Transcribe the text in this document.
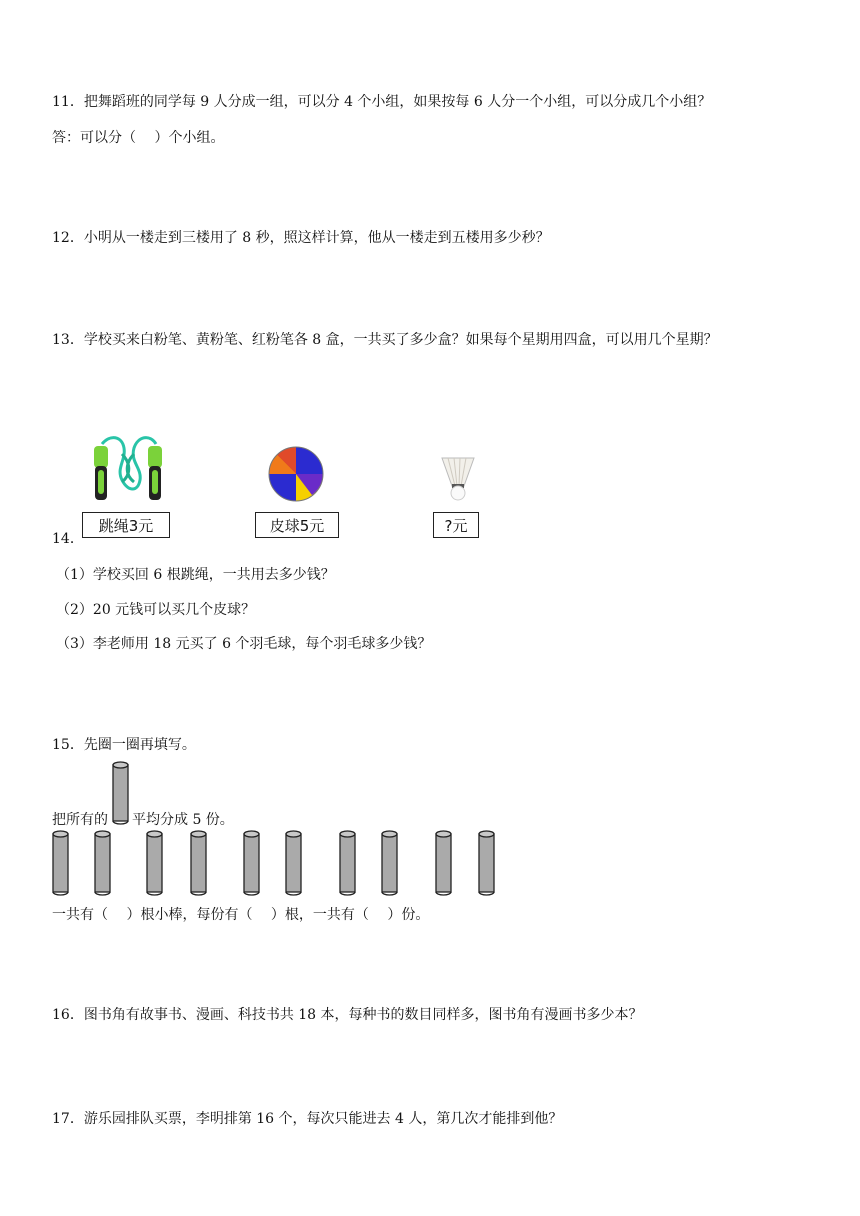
11．把舞蹈班的同学每 9 人分成一组，可以分 4 个小组，如果按每 6 人分一个小组，可以分成几个小组？
答：可以分（　 ）个小组。
12．小明从一楼走到三楼用了 8 秒，照这样计算，他从一楼走到五楼用多少秒？
13．学校买来白粉笔、黄粉笔、红粉笔各 8 盒，一共买了多少盒？如果每个星期用四盒，可以用几个星期？
跳绳3元	皮球5元	?元
14．
（1）学校买回 6 根跳绳，一共用去多少钱？
（2）20 元钱可以买几个皮球？
（3）李老师用 18 元买了 6 个羽毛球，每个羽毛球多少钱？
15．先圈一圈再填写。
把所有的 平均分成 5 份。
一共有（　 ）根小棒，每份有（　 ）根，一共有（　 ）份。
16．图书角有故事书、漫画、科技书共 18 本，每种书的数目同样多，图书角有漫画书多少本？
17．游乐园排队买票，李明排第 16 个，每次只能进去 4 人，第几次才能排到他？
